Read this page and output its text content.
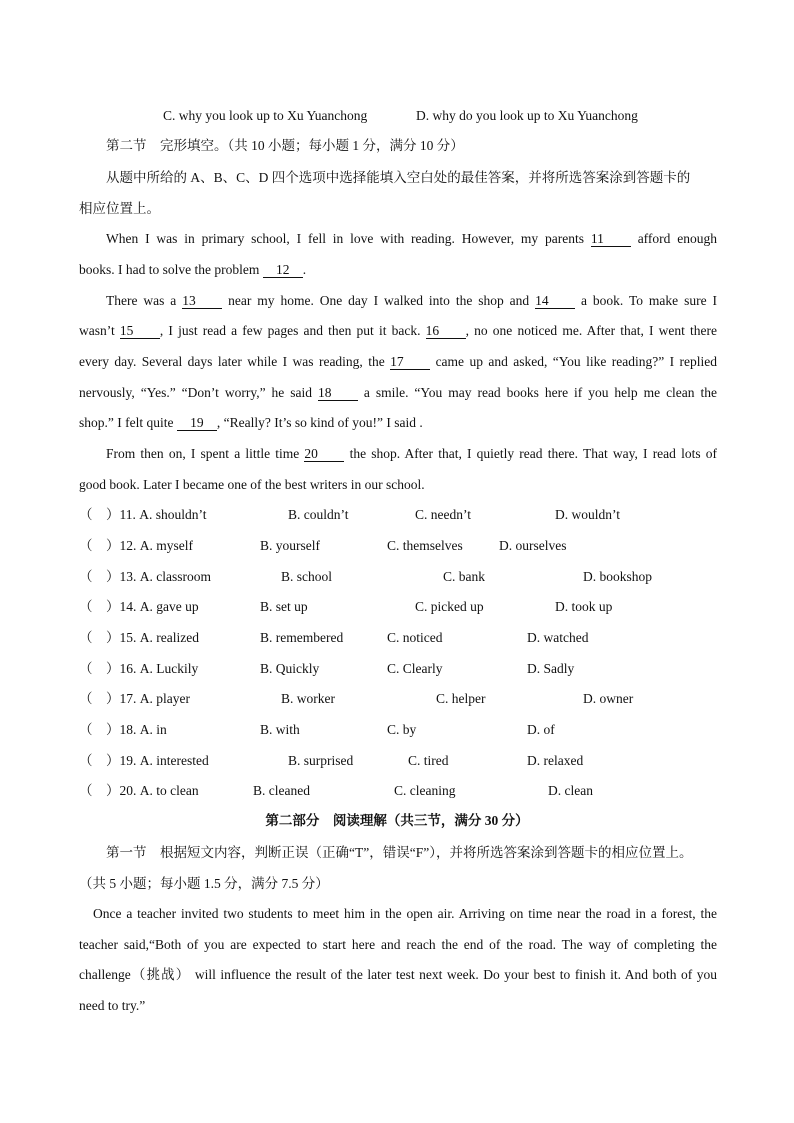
C. why you look up to Xu Yuanchong	D. why do you look up to Xu Yuanchong
第二节　完形填空。（共 10 小题；每小题 1 分，满分 10 分）
从题中所给的 A、B、C、D 四个选项中选择能填入空白处的最佳答案，并将所选答案涂到答题卡的
相应位置上。
When I was in primary school, I fell in love with reading. However, my parents 11	afford enough
books. I had to solve the problem 12 .
There was a 13 near my home. One day I walked into the shop and 14 a book. To make sure I
wasn’t 15 , I just read a few pages and then put it back. 16 , no one noticed me. After that, I went there
every day. Several days later while I was reading, the 17 came up and asked, “You like reading?” I replied
nervously, “Yes.” “Don’t worry,” he said 18 a smile. “You may read books here if you help me clean the
shop.” I felt quite 19 , “Really? It’s so kind of you!” I said .
From then on, I spent a little time 20 the shop. After that, I quietly read there. That way, I read lots of
good book. Later I became one of the best writers in our school.
（　）11. A. shouldn’t	B. couldn’t	C. needn’t	D. wouldn’t
（　）12. A. myself	B. yourself	C. themselves	D. ourselves
（　）13. A. classroom	B. school	C. bank	D. bookshop
（　）14. A. gave up	B. set up	C. picked up	D. took up
（　）15. A. realized	B. remembered	C. noticed	D. watched
（　）16. A. Luckily	B. Quickly	C. Clearly	D. Sadly
（　）17. A. player	B. worker	C. helper	D. owner
（　）18. A. in	B. with	C. by	D. of
（　）19. A. interested	B. surprised	C. tired	D. relaxed
（　）20. A. to clean	B. cleaned	C. cleaning	D. clean
第二部分　阅读理解（共三节，满分 30 分）
第一节　根据短文内容，判断正误（正确“T”，错误“F”），并将所选答案涂到答题卡的相应位置上。
（共 5 小题；每小题 1.5 分，满分 7.5 分）
Once a teacher invited two students to meet him in the open air. Arriving on time near the road in a forest, the
teacher said,“Both of you are expected to start here and reach the end of the road. The way of completing the
challenge（挑战） will influence the result of the later test next week. Do your best to finish it. And both of you
need to try.”
